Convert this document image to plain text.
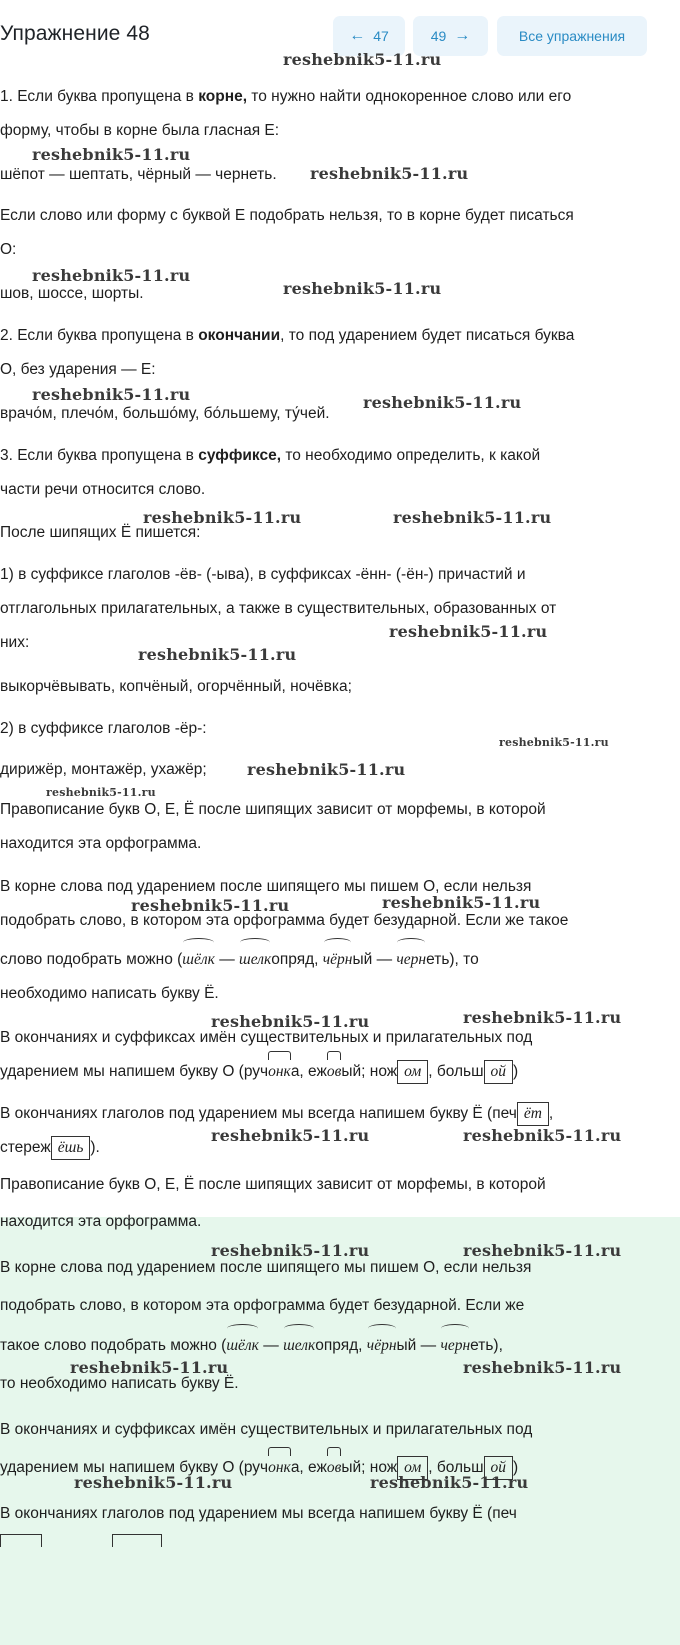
Упражнение 48	← 47	49 →	Все упражнения
1. Если буква пропущена в корне, то нужно найти однокоренное слово или его
форму, чтобы в корне была гласная Е:
шёпот — шептать, чёрный — чернеть.
Если слово или форму с буквой Е подобрать нельзя, то в корне будет писаться
О:
шов, шоссе, шорты.
2. Если буква пропущена в окончании, то под ударением будет писаться буква
О, без ударения — Е:
врачо́м, плечо́м, большо́му, бо́льшему, ту́чей.
3. Если буква пропущена в суффиксе, то необходимо определить, к какой
части речи относится слово.
После шипящих Ё пишется:
1) в суффиксе глаголов -ёв- (-ыва), в суффиксах -ённ- (-ён-) причастий и
отглагольных прилагательных, а также в существительных, образованных от
них:
выкорчёвывать, копчёный, огорчённый, ночёвка;
2) в суффиксе глаголов -ёр-:
дирижёр, монтажёр, ухажёр;
Правописание букв О, Е, Ё после шипящих зависит от морфемы, в которой
находится эта орфограмма.
В корне слова под ударением после шипящего мы пишем О, если нельзя
подобрать слово, в котором эта орфограмма будет безударной. Если же такое
слово подобрать можно (шёлк — шелкопряд, чёрный — чернеть), то
необходимо написать букву Ё.
В окончаниях и суффиксах имён существительных и прилагательных под
ударением мы напишем букву О (ручонка, ежовый; нож ом , больш ой )
В окончаниях глаголов под ударением мы всегда напишем букву Ё (печ ёт ,
стереж ёшь ).
Правописание букв О, Е, Ё после шипящих зависит от морфемы, в которой
находится эта орфограмма.
В корне слова под ударением после шипящего мы пишем О, если нельзя
подобрать слово, в котором эта орфограмма будет безударной. Если же
такое слово подобрать можно (шёлк — шелкопряд, чёрный — чернеть),
то необходимо написать букву Ё.
В окончаниях и суффиксах имён существительных и прилагательных под
ударением мы напишем букву О (ручонка, ежовый; нож ом , больш ой )
В окончаниях глаголов под ударением мы всегда напишем букву Ё (печ
reshebnik5-11.ru
reshebnik5-11.ru
reshebnik5-11.ru
reshebnik5-11.ru
reshebnik5-11.ru
reshebnik5-11.ru	reshebnik5-11.ru
reshebnik5-11.ru	reshebnik5-11.ru
reshebnik5-11.ru
reshebnik5-11.ru
reshebnik5-11.ru
reshebnik5-11.ru
reshebnik5-11.ru
reshebnik5-11.ru	reshebnik5-11.ru
reshebnik5-11.ru	reshebnik5-11.ru
reshebnik5-11.ru	reshebnik5-11.ru
reshebnik5-11.ru	reshebnik5-11.ru
reshebnik5-11.ru	reshebnik5-11.ru
reshebnik5-11.ru	reshebnik5-11.ru
